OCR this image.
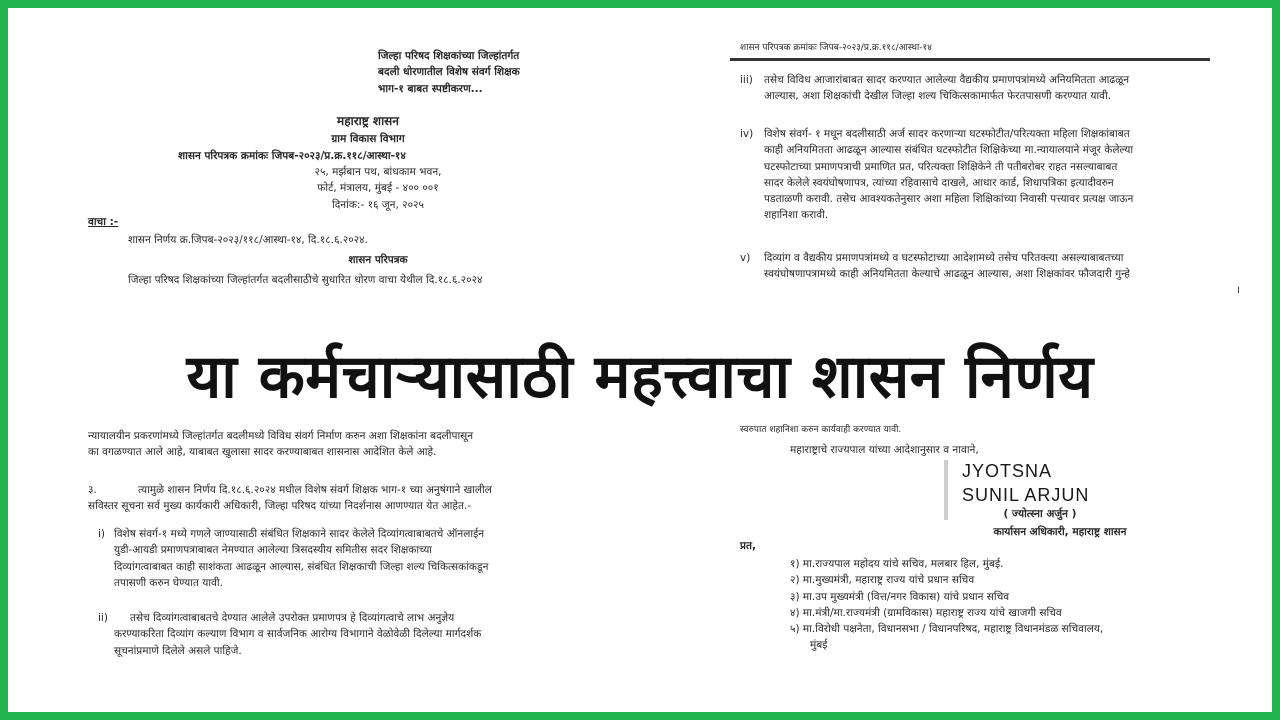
जिल्हा परिषद शिक्षकांच्या जिल्हांतर्गत

बदली धोरणातील विशेष संवर्ग शिक्षक

भाग-१ बाबत स्पष्टीकरण...

महाराष्ट्र शासन

ग्राम विकास विभाग

शासन परिपत्रक क्रमांकः जिपब-२०२३/प्र.क्र.११८/आस्था-१४

२५, मर्झबान पथ, बांधकाम भवन,

फोर्ट, मंत्रालय, मुंबई - ४०० ००१

दिनांक:- १६ जून, २०२५

वाचा :-

शासन निर्णय क्र.जिपब-२०२३/११८/आस्था-१४, दि.१८.६.२०२४.

शासन परिपत्रक

जिल्हा परिषद शिक्षकांच्या जिल्हांतर्गत बदलीसाठीचे सुधारित धोरण वाचा येथील दि.१८.६.२०२४

शासन परिपत्रक क्रमांकः जिपब-२०२३/प्र.क्र.११८/आस्था-१४

iii)	तसेच विविध आजारांबाबत सादर करण्यात आलेल्या वैद्यकीय प्रमाणपत्रांमध्ये अनियमितता आढळून

आल्यास, अशा शिक्षकांची देखील जिल्हा शल्य चिकित्सकामार्फत फेरतपासणी करण्यात यावी.

iv)	विशेष संवर्ग- १ मधून बदलीसाठी अर्ज सादर करणाऱ्या घटस्फोटीत/परित्यक्ता महिला शिक्षकांबाबत

काही अनियमितता आढळून आल्यास संबंधित घटस्फोटीत शिक्षिकेच्या मा.न्यायालयाने मंजूर केलेल्या

घटस्फोटाच्या प्रमाणपत्राची प्रमाणित प्रत, परित्यक्ता शिक्षिकेने ती पतीबरोबर राहत नसल्याबाबत

सादर केलेले स्वयंघोषणापत्र, त्यांच्या रहिवासाचे दाखले, आधार कार्ड, शिधापत्रिका इत्यादीवरुन

पडताळणी करावी. तसेच आवश्यकतेनुसार अशा महिला शिक्षिकांच्या निवासी पत्त्यावर प्रत्यक्ष जाऊन

शहानिशा करावी.

v)	दिव्यांग व वैद्यकीय प्रमाणपत्रांमध्ये व घटस्फोटाच्या आदेशामध्ये तसेच परितक्त्या असल्याबाबतच्या

स्वयंघोषणापत्रामध्ये काही अनियमितता केल्याचे आढळून आल्यास, अशा शिक्षकांवर फौजदारी गुन्हे

।

या कर्मचाऱ्यासाठी महत्त्वाचा शासन निर्णय

न्यायालयीन प्रकरणांमध्ये जिल्हांतर्गत बदलीमध्ये विविध संवर्ग निर्माण करुन अशा शिक्षकांना बदलीपासून

का वगळण्यात आले आहे, याबाबत खुलासा सादर करण्याबाबत शासनास आदेशित केले आहे.

३.	त्यामुळे शासन निर्णय दि.१८.६.२०२४ मधील विशेष संवर्ग शिक्षक भाग-१ च्या अनुषंगाने खालील

सविस्तर सूचना सर्व मुख्य कार्यकारी अधिकारी, जिल्हा परिषद यांच्या निदर्शनास आणण्यात येत आहेत.-

i) विशेष संवर्ग-१ मध्ये गणले जाण्यासाठी संबंधित शिक्षकाने सादर केलेले दिव्यांगत्वाबाबतचे ऑनलाईन

युडी-आयडी प्रमाणपत्राबाबत नेमण्यात आलेल्या त्रिसदस्यीय समितीस सदर शिक्षकाच्या

दिव्यांगत्वाबाबत काही साशंकता आढळून आल्यास, संबंधित शिक्षकाची जिल्हा शल्य चिकित्सकांकडून

तपासणी करुन घेण्यात यावी.

ii)	तसेच दिव्यांगत्वाबाबतचे देण्यात आलेले उपरोक्त प्रमाणपत्र हे दिव्यांगत्वाचे लाभ अनुज्ञेय

करण्याकरिता दिव्यांग कल्याण विभाग व सार्वजनिक आरोग्य विभागाने वेळोवेळी दिलेल्या मार्गदर्शक

सूचनांप्रमाणे दिलेले असले पाहिजे.

स्वरुपात शहानिशा करुन कार्यवाही करण्यात यावी.

महाराष्ट्राचे राज्यपाल यांच्या आदेशानुसार व नावाने,

( ज्योत्स्ना अर्जुन )

कार्यासन अधिकारी, महाराष्ट्र शासन

प्रत,

१) मा.राज्यपाल महोदय यांचे सचिव, मलबार हिल, मुंबई.

२) मा.मुख्यमंत्री, महाराष्ट्र राज्य यांचे प्रधान सचिव

३) मा.उप मुख्यमंत्री (वित्त/नगर विकास) यांचे प्रधान सचिव

४) मा.मंत्री/मा.राज्यमंत्री (ग्रामविकास) महाराष्ट्र राज्य यांचे खाजगी सचिव

५) मा.विरोधी पक्षनेता, विधानसभा / विधानपरिषद, महाराष्ट्र विधानमंडळ सचिवालय,

मुंबई

JYOTSNA
SUNIL ARJUN
